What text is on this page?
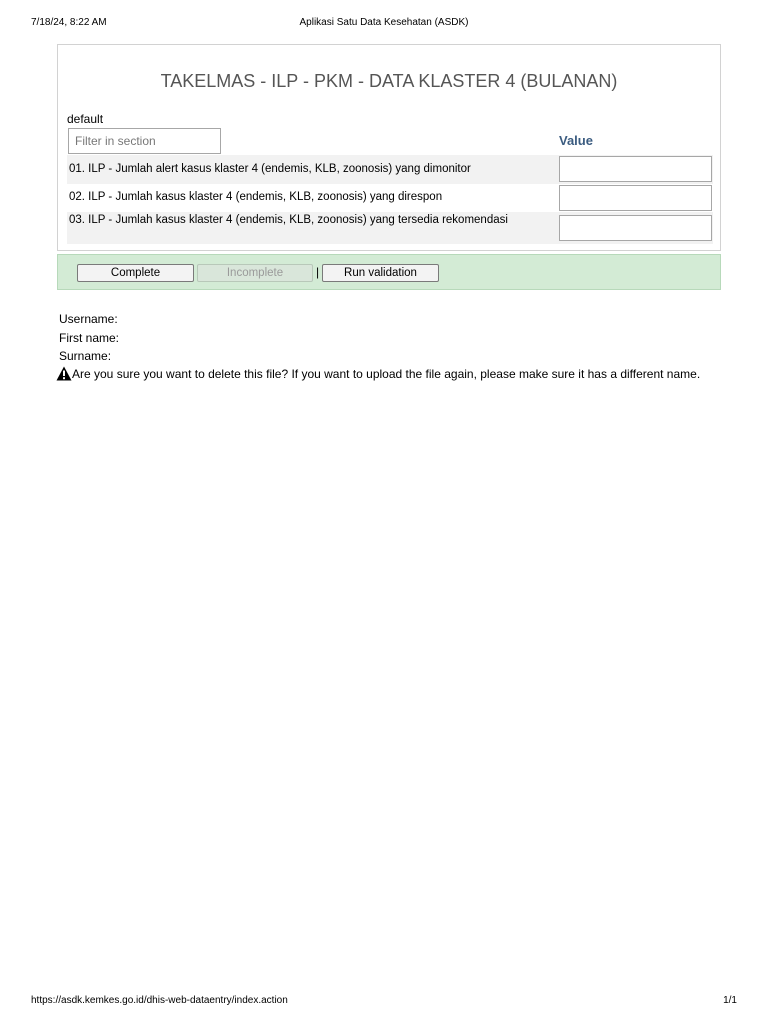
7/18/24, 8:22 AM	Aplikasi Satu Data Kesehatan (ASDK)
TAKELMAS - ILP - PKM - DATA KLASTER 4 (BULANAN)
default
Filter in section
Value
01. ILP - Jumlah alert kasus klaster 4 (endemis, KLB, zoonosis) yang dimonitor
02. ILP - Jumlah kasus klaster 4 (endemis, KLB, zoonosis) yang direspon
03. ILP - Jumlah kasus klaster 4 (endemis, KLB, zoonosis) yang tersedia rekomendasi
Complete	Incomplete	|	Run validation
Username:
First name:
Surname:
Are you sure you want to delete this file? If you want to upload the file again, please make sure it has a different name.
https://asdk.kemkes.go.id/dhis-web-dataentry/index.action	1/1
